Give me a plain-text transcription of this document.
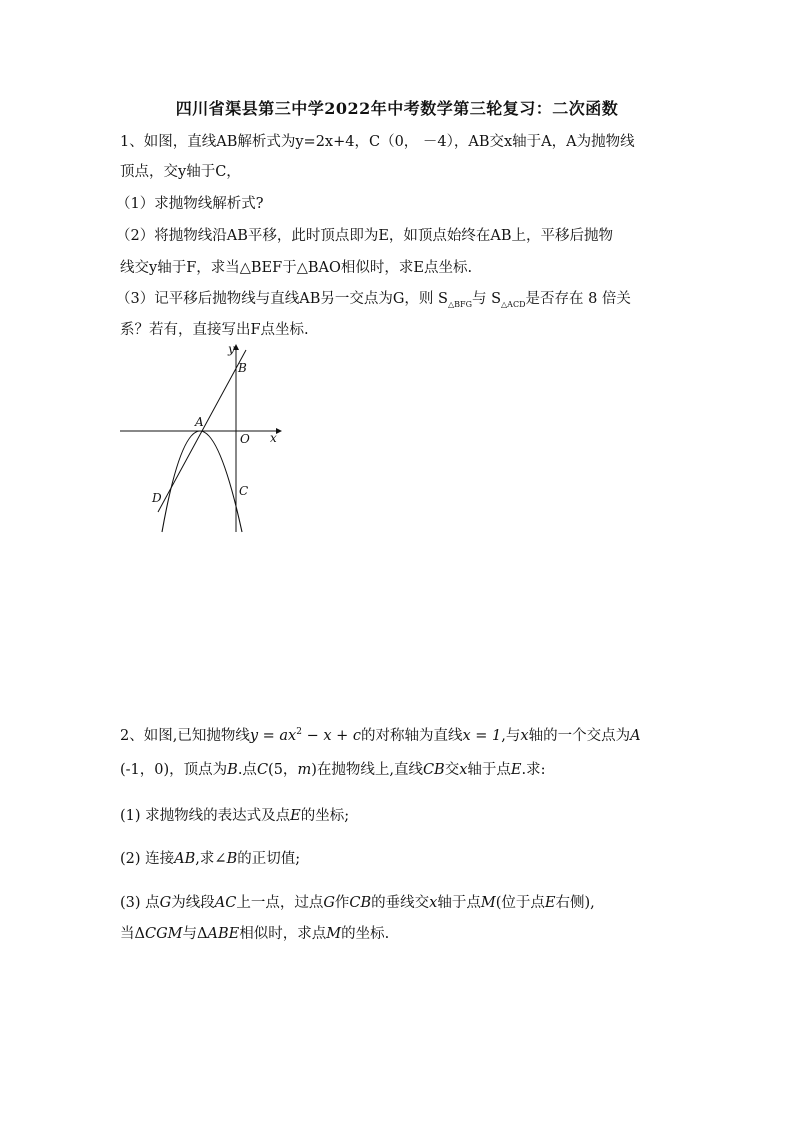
四川省渠县第三中学2022年中考数学第三轮复习：二次函数
1、如图，直线AB解析式为y=2x+4，C（0， －4），AB交x轴于A，A为抛物线
顶点，交y轴于C，
（1）求抛物线解析式?
（2）将抛物线沿AB平移，此时顶点即为E，如顶点始终在AB上，平移后抛物
线交y轴于F，求当△BEF于△BAO相似时，求E点坐标.
（3）记平移后抛物线与直线AB另一交点为G，则 $S_{\triangle BFG}$与 $S_{\triangle ACD}$是否存在 8 倍关
系？若有，直接写出F点坐标.
y
B
A
O x
C
D
2、如图,已知抛物线$y = ax^2 - x + c$的对称轴为直线x = 1,与x轴的一个交点为A
(-1，0)，顶点为B.点C(5，m)在抛物线上,直线CB交x轴于点E.求:
(1) 求抛物线的表达式及点E的坐标;
(2) 连接AB,求∠B的正切值;
(3) 点G为线段AC上一点，过点G作CB的垂线交x轴于点M(位于点E右侧),
当ΔCGM与ΔABE相似时，求点M的坐标.
